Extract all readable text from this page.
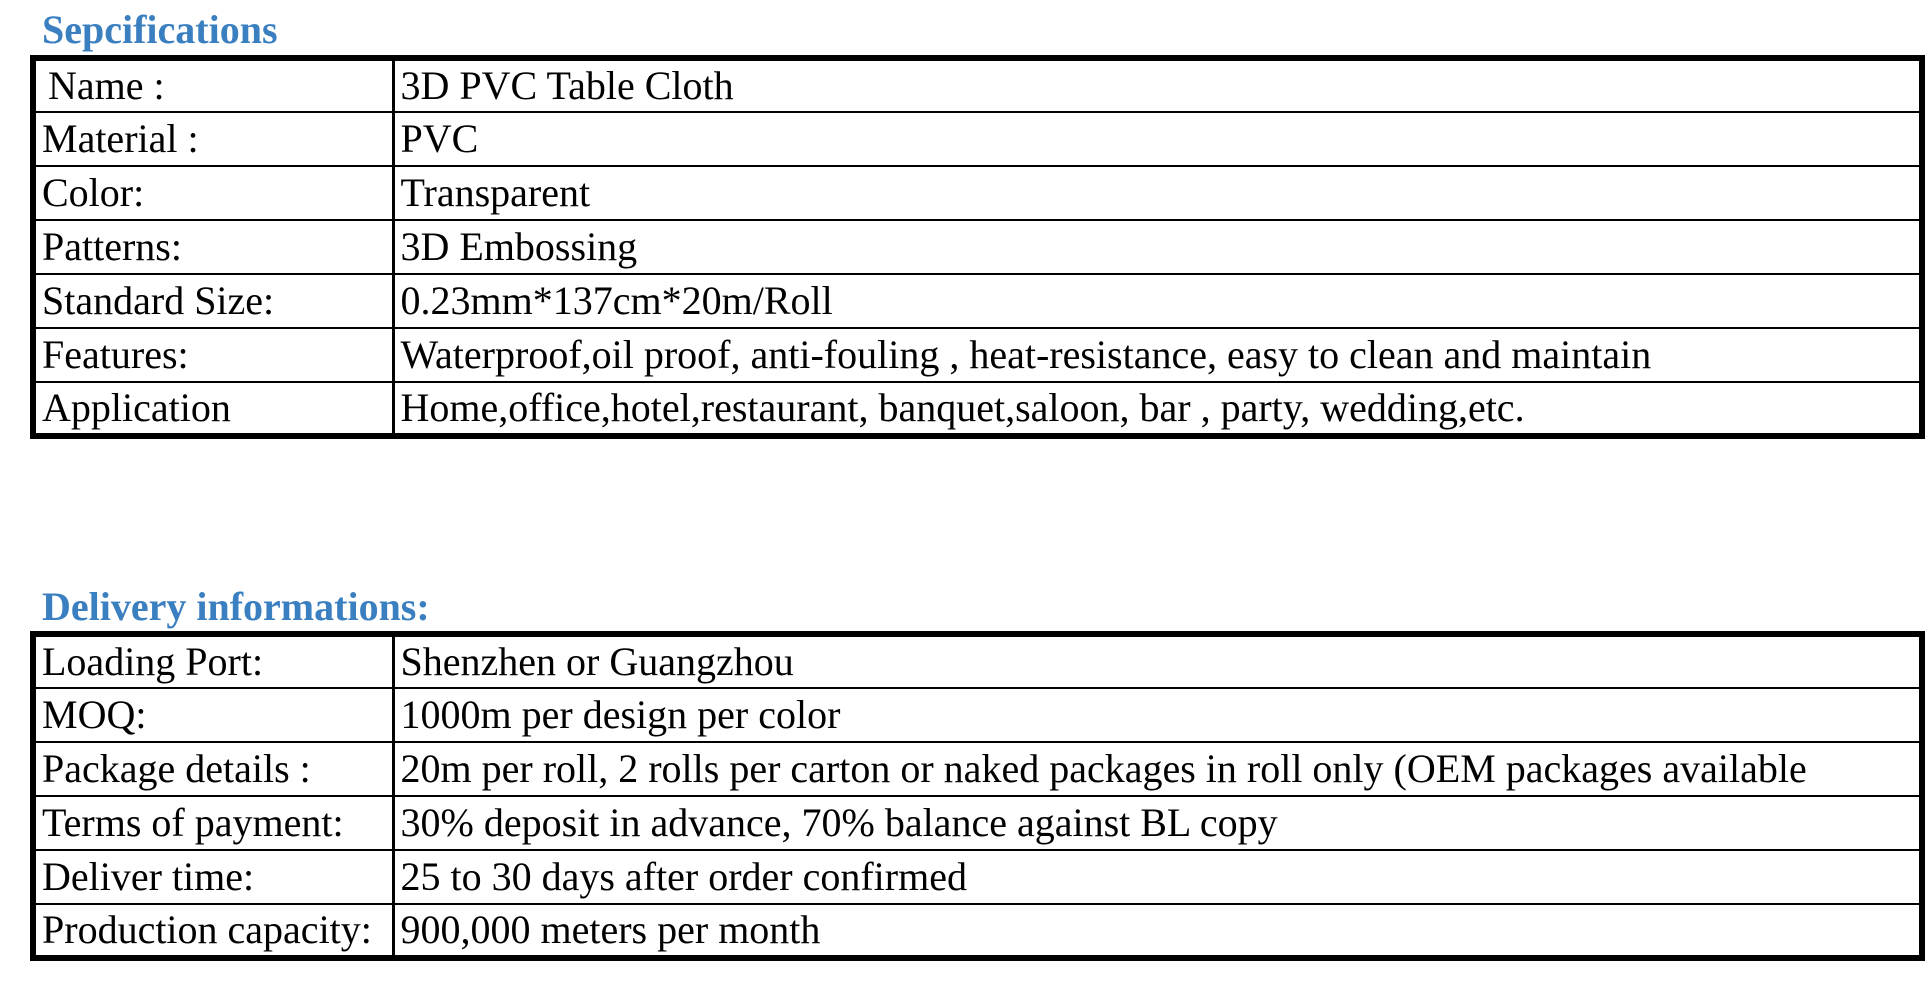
Sepcifications
Name :	3D PVC Table Cloth
Material :	PVC
Color:	Transparent
Patterns:	3D Embossing
Standard Size:	0.23mm*137cm*20m/Roll
Features:	Waterproof,oil proof, anti-fouling , heat-resistance, easy to clean and maintain
Application	Home,office,hotel,restaurant, banquet,saloon, bar , party, wedding,etc.
Delivery informations:
Loading Port:	Shenzhen or Guangzhou
MOQ:	1000m per design per color
Package details :	20m per roll, 2 rolls per carton or naked packages in roll only (OEM packages available
Terms of payment:	30% deposit in advance, 70% balance against BL copy
Deliver time:	25 to 30 days after order confirmed
Production capacity:	900,000 meters per month
